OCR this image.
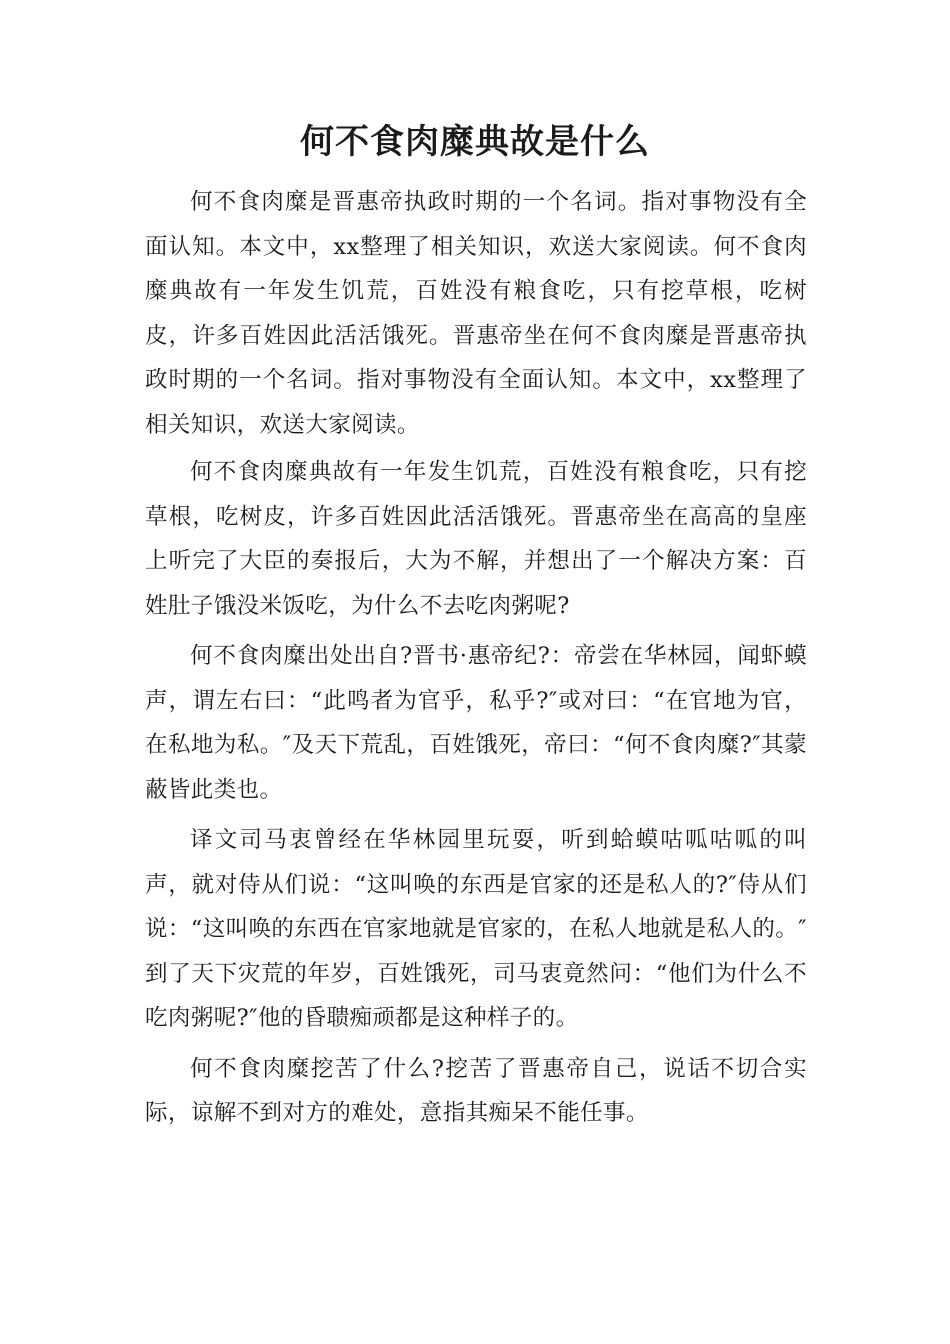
何不食肉糜典故是什么

何不食肉糜是晋惠帝执政时期的一个名词。指对事物没有全面认知。本文中，xx整理了相关知识，欢送大家阅读。何不食肉糜典故有一年发生饥荒，百姓没有粮食吃，只有挖草根，吃树皮，许多百姓因此活活饿死。晋惠帝坐在何不食肉糜是晋惠帝执政时期的一个名词。指对事物没有全面认知。本文中，xx整理了相关知识，欢送大家阅读。

何不食肉糜典故有一年发生饥荒，百姓没有粮食吃，只有挖草根，吃树皮，许多百姓因此活活饿死。晋惠帝坐在高高的皇座上听完了大臣的奏报后，大为不解，并想出了一个解决方案：百姓肚子饿没米饭吃，为什么不去吃肉粥呢?

何不食肉糜出处出自?晋书·惠帝纪?：帝尝在华林园，闻虾蟆声，谓左右曰：“此鸣者为官乎，私乎?″或对曰：“在官地为官，在私地为私。″及天下荒乱，百姓饿死，帝曰：“何不食肉糜?″其蒙蔽皆此类也。

译文司马衷曾经在华林园里玩耍，听到蛤蟆咕呱咕呱的叫声，就对侍从们说：“这叫唤的东西是官家的还是私人的?″侍从们说：“这叫唤的东西在官家地就是官家的，在私人地就是私人的。″到了天下灾荒的年岁，百姓饿死，司马衷竟然问：“他们为什么不吃肉粥呢?″他的昏聩痴顽都是这种样子的。

何不食肉糜挖苦了什么?挖苦了晋惠帝自己，说话不切合实际，谅解不到对方的难处，意指其痴呆不能任事。
